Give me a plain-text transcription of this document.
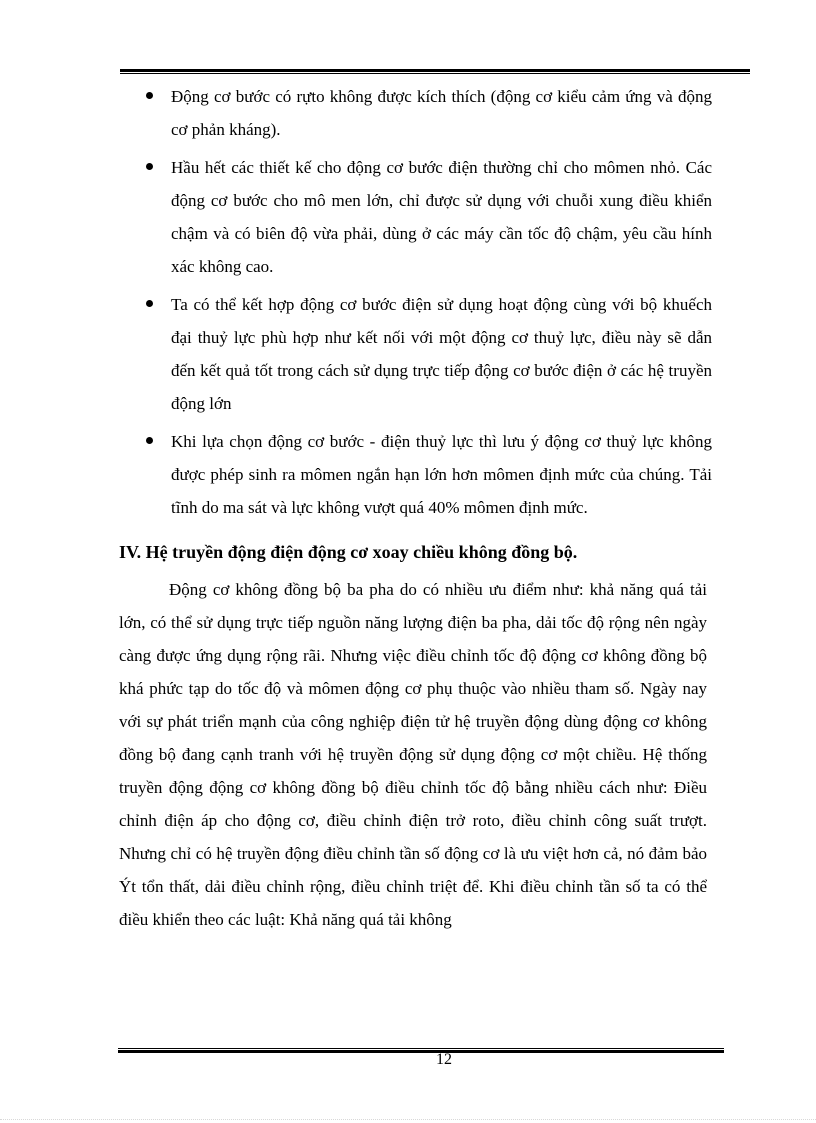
Động cơ bước có rựto không được kích thích (động cơ kiểu cảm ứng và động cơ phản kháng).
Hầu hết các thiết kế cho động cơ bước điện thường chỉ cho mômen nhỏ. Các động cơ bước cho mô men lớn, chỉ được sử dụng với chuỗi xung điều khiển chậm và có biên độ vừa phải, dùng ở các máy cần tốc độ chậm, yêu cầu hính xác không cao.
Ta có thể kết hợp động cơ bước điện sử dụng hoạt động cùng với bộ khuếch đại thuỷ lực phù hợp như kết nối với một động cơ thuỷ lực, điều này sẽ dẫn đến kết quả tốt trong cách sử dụng trực tiếp động cơ bước điện ở các hệ truyền động lớn
Khi lựa chọn động cơ bước - điện thuỷ lực thì lưu ý động cơ thuỷ lực không được phép sinh ra mômen ngắn hạn lớn hơn mômen định mức của chúng. Tải tĩnh do ma sát và lực không vượt quá 40% mômen định mức.
IV. Hệ truyền động điện động cơ xoay chiều không đồng bộ.

Động cơ không đồng bộ ba pha do có nhiều ưu điểm như: khả năng quá tải lớn, có thể sử dụng trực tiếp nguồn năng lượng điện ba pha, dải tốc độ rộng nên ngày càng được ứng dụng rộng rãi. Nhưng việc điều chỉnh tốc độ động cơ không đồng bộ khá phức tạp do tốc độ và mômen động cơ phụ thuộc vào nhiều tham số. Ngày nay với sự phát triển mạnh của công nghiệp điện tử hệ truyền động dùng động cơ không đồng bộ đang cạnh tranh với hệ truyền động sử dụng động cơ một chiều. Hệ thống truyền động động cơ không đồng bộ điều chỉnh tốc độ bằng nhiều cách như: Điều chỉnh điện áp cho động cơ, điều chỉnh điện trở roto, điều chỉnh công suất trượt. Nhưng chỉ có hệ truyền động điều chỉnh tần số động cơ là ưu việt hơn cả, nó đảm bảo Ýt tổn thất, dải điều chỉnh rộng, điều chỉnh triệt để. Khi điều chỉnh tần số ta có thể điều khiển theo các luật: Khả năng quá tải không

12
